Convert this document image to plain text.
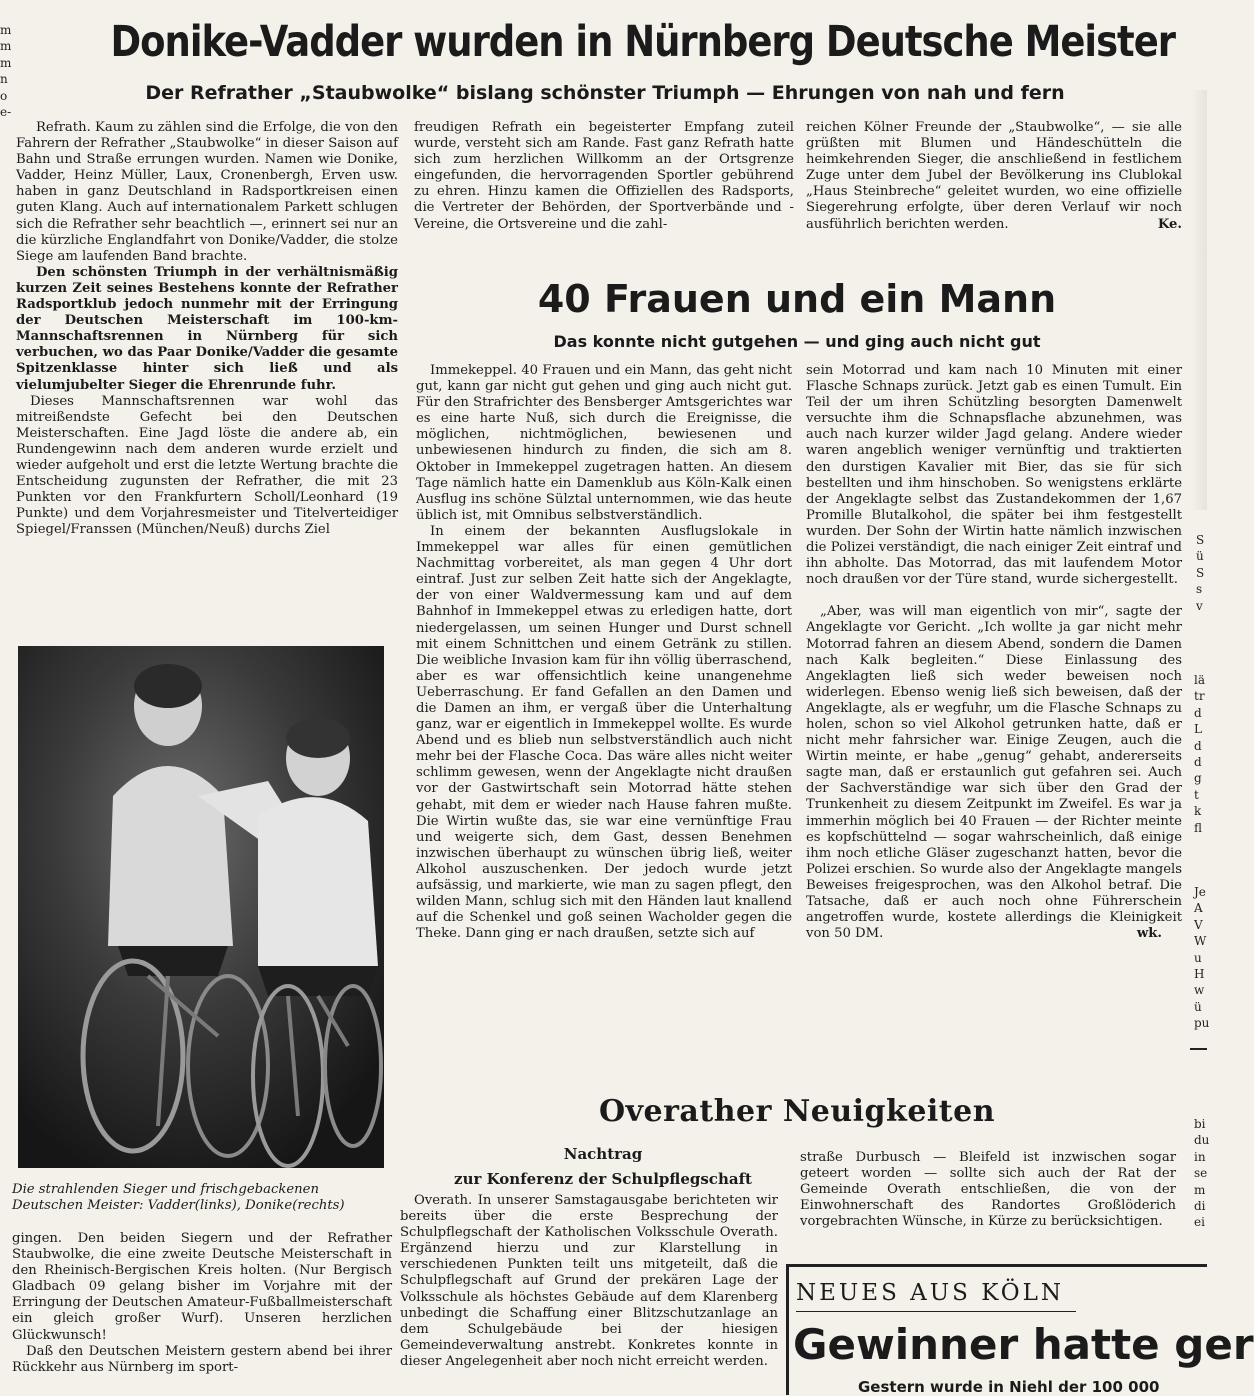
m
m
m
n
o
e-
Donike-Vadder wurden in Nürnberg Deutsche Meister
Der Refrather „Staubwolke“ bislang schönster Triumph — Ehrungen von nah und fern

Refrath. Kaum zu zählen sind die Erfolge, die von den Fahrern der Refrather „Staubwolke“ in dieser Saison auf Bahn und Straße errungen wurden. Namen wie Donike, Vadder, Heinz Müller, Laux, Cronenbergh, Erven usw. haben in ganz Deutschland in Radsportkreisen einen guten Klang. Auch auf internationalem Parkett schlugen sich die Refrather sehr beachtlich —, erinnert sei nur an die kürzliche Englandfahrt von Donike/Vadder, die stolze Siege am laufenden Band brachte.

Den schönsten Triumph in der verhältnismäßig kurzen Zeit seines Bestehens konnte der Refrather Radsportklub jedoch nunmehr mit der Erringung der Deutschen Meisterschaft im 100-km-Mannschaftsrennen in Nürnberg für sich verbuchen, wo das Paar Donike/Vadder die gesamte Spitzenklasse hinter sich ließ und als vielumjubelter Sieger die Ehrenrunde fuhr.

Dieses Mannschaftsrennen war wohl das mitreißendste Gefecht bei den Deutschen Meisterschaften. Eine Jagd löste die andere ab, ein Rundengewinn nach dem anderen wurde erzielt und wieder aufgeholt und erst die letzte Wertung brachte die Entscheidung zugunsten der Refrather, die mit 23 Punkten vor den Frankfurtern Scholl/Leonhard (19 Punkte) und dem Vorjahresmeister und Titelverteidiger Spiegel/Franssen (München/Neuß) durchs Ziel

Die strahlenden Sieger und frischgebackenen Deutschen Meister: Vadder(links), Donike(rechts)

gingen. Den beiden Siegern und der Refrather Staubwolke, die eine zweite Deutsche Meisterschaft in den Rheinisch-Bergischen Kreis holten. (Nur Bergisch Gladbach 09 gelang bisher im Vorjahre mit der Erringung der Deutschen Amateur-Fußballmeisterschaft ein gleich großer Wurf). Unseren herzlichen Glückwunsch!

Daß den Deutschen Meistern gestern abend bei ihrer Rückkehr aus Nürnberg im sport-

freudigen Refrath ein begeisterter Empfang zuteil wurde, versteht sich am Rande. Fast ganz Refrath hatte sich zum herzlichen Willkomm an der Ortsgrenze eingefunden, die hervorragenden Sportler gebührend zu ehren. Hinzu kamen die Offiziellen des Radsports, die Vertreter der Behörden, der Sportverbände und -Vereine, die Ortsvereine und die zahl-

reichen Kölner Freunde der „Staubwolke“, — sie alle grüßten mit Blumen und Händeschütteln die heimkehrenden Sieger, die anschließend in festlichem Zuge unter dem Jubel der Bevölkerung ins Clublokal „Haus Steinbreche“ geleitet wurden, wo eine offizielle Siegerehrung erfolgte, über deren Verlauf wir noch ausführlich berichten werden.	Ke.
40 Frauen und ein Mann
Das konnte nicht gutgehen — und ging auch nicht gut

Immekeppel. 40 Frauen und ein Mann, das geht nicht gut, kann gar nicht gut gehen und ging auch nicht gut. Für den Strafrichter des Bensberger Amtsgerichtes war es eine harte Nuß, sich durch die Ereignisse, die möglichen, nichtmöglichen, bewiesenen und unbewiesenen hindurch zu finden, die sich am 8. Oktober in Immekeppel zugetragen hatten. An diesem Tage nämlich hatte ein Damenklub aus Köln-Kalk einen Ausflug ins schöne Sülztal unternommen, wie das heute üblich ist, mit Omnibus selbstverständlich.

In einem der bekannten Ausflugslokale in Immekeppel war alles für einen gemütlichen Nachmittag vorbereitet, als man gegen 4 Uhr dort eintraf. Just zur selben Zeit hatte sich der Angeklagte, der von einer Waldvermessung kam und auf dem Bahnhof in Immekeppel etwas zu erledigen hatte, dort niedergelassen, um seinen Hunger und Durst schnell mit einem Schnittchen und einem Getränk zu stillen. Die weibliche Invasion kam für ihn völlig überraschend, aber es war offensichtlich keine unangenehme Ueberraschung. Er fand Gefallen an den Damen und die Damen an ihm, er vergaß über die Unterhaltung ganz, war er eigentlich in Immekeppel wollte. Es wurde Abend und es blieb nun selbstverständlich auch nicht mehr bei der Flasche Coca. Das wäre alles nicht weiter schlimm gewesen, wenn der Angeklagte nicht draußen vor der Gastwirtschaft sein Motorrad hätte stehen gehabt, mit dem er wieder nach Hause fahren mußte. Die Wirtin wußte das, sie war eine vernünftige Frau und weigerte sich, dem Gast, dessen Benehmen inzwischen überhaupt zu wünschen übrig ließ, weiter Alkohol auszuschenken. Der jedoch wurde jetzt aufsässig, und markierte, wie man zu sagen pflegt, den wilden Mann, schlug sich mit den Händen laut knallend auf die Schenkel und goß seinen Wacholder gegen die Theke. Dann ging er nach draußen, setzte sich auf

sein Motorrad und kam nach 10 Minuten mit einer Flasche Schnaps zurück. Jetzt gab es einen Tumult. Ein Teil der um ihren Schützling besorgten Damenwelt versuchte ihm die Schnapsflache abzunehmen, was auch nach kurzer wilder Jagd gelang. Andere wieder waren angeblich weniger vernünftig und traktierten den durstigen Kavalier mit Bier, das sie für sich bestellten und ihm hinschoben. So wenigstens erklärte der Angeklagte selbst das Zustandekommen der 1,67 Promille Blutalkohol, die später bei ihm festgestellt wurden. Der Sohn der Wirtin hatte nämlich inzwischen die Polizei verständigt, die nach einiger Zeit eintraf und ihn abholte. Das Motorrad, das mit laufendem Motor noch draußen vor der Türe stand, wurde sichergestellt.

„Aber, was will man eigentlich von mir“, sagte der Angeklagte vor Gericht. „Ich wollte ja gar nicht mehr Motorrad fahren an diesem Abend, sondern die Damen nach Kalk begleiten.“ Diese Einlassung des Angeklagten ließ sich weder beweisen noch widerlegen. Ebenso wenig ließ sich beweisen, daß der Angeklagte, als er wegfuhr, um die Flasche Schnaps zu holen, schon so viel Alkohol getrunken hatte, daß er nicht mehr fahrsicher war. Einige Zeugen, auch die Wirtin meinte, er habe „genug“ gehabt, andererseits sagte man, daß er erstaunlich gut gefahren sei. Auch der Sachverständige war sich über den Grad der Trunkenheit zu diesem Zeitpunkt im Zweifel. Es war ja immerhin möglich bei 40 Frauen — der Richter meinte es kopfschüttelnd — sogar wahrscheinlich, daß einige ihm noch etliche Gläser zugeschanzt hatten, bevor die Polizei erschien. So wurde also der Angeklagte mangels Beweises freigesprochen, was den Alkohol betraf. Die Tatsache, daß er auch noch ohne Führerschein angetroffen wurde, kostete allerdings die Kleinigkeit von 50 DM.	wk.
Overather Neuigkeiten
Nachtrag
zur Konferenz der Schulpflegschaft

Overath. In unserer Samstagausgabe berichteten wir bereits über die erste Besprechung der Schulpflegschaft der Katholischen Volksschule Overath. Ergänzend hierzu und zur Klarstellung in verschiedenen Punkten teilt uns mitgeteilt, daß die Schulpflegschaft auf Grund der prekären Lage der Volksschule als höchstes Gebäude auf dem Klarenberg unbedingt die Schaffung einer Blitzschutzanlage an dem Schulgebäude bei der hiesigen Gemeindeverwaltung anstrebt. Konkretes konnte in dieser Angelegenheit aber noch nicht erreicht werden.

straße Durbusch — Bleifeld ist inzwischen sogar geteert worden — sollte sich auch der Rat der Gemeinde Overath entschließen, die von der Einwohnerschaft des Randortes Großlöderich vorgebrachten Wünsche, in Kürze zu berücksichtigen.

NEUES AUS KÖLN
Gewinner hatte ger
Gestern wurde in Niehl der 100 000
S
ü
S
s
v
lä
tr
d
L
d
d
g
t
k
fl
Je
A
V
W
u
H
w
ü
pu
bi
du
in
se
m
di
ei
